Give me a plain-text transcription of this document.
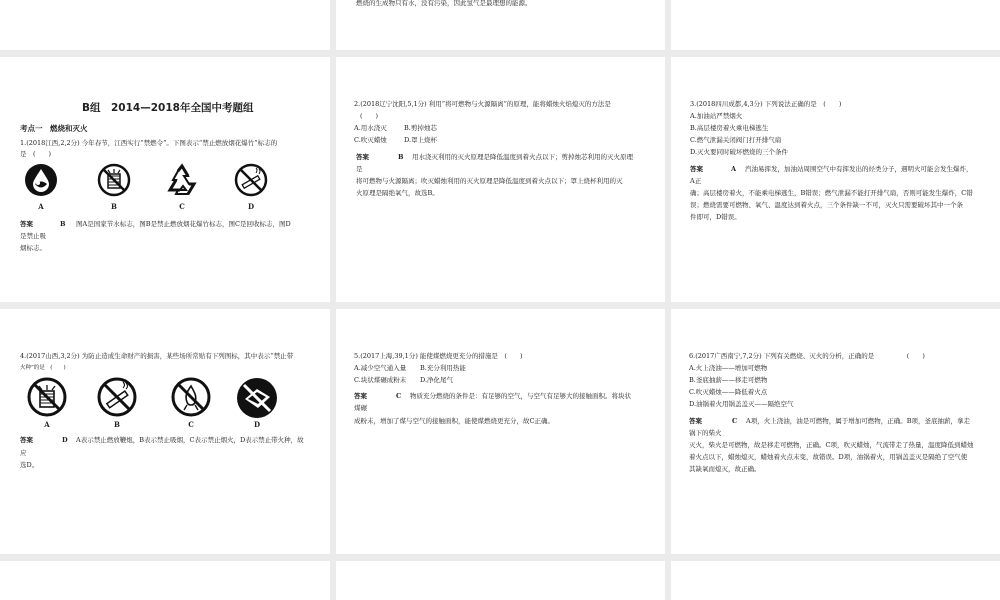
燃烧的生成物只有水，没有污染，因此氢气是最理想的能源。
B组　2014—2018年全国中考题组
考点一　燃烧和灭火
1.(2018江西,2,2分) 今年春节，江西实行“禁燃令”。下图表示“禁止燃放烟花爆竹”标志的
是　(　　)
A	B	C	D
答案	B 图A是国家节水标志，图B是禁止燃放烟花爆竹标志，图C是回收标志，图D
是禁止吸
烟标志。
2.(2018辽宁沈阳,5,1分) 利用“将可燃物与火源隔离”的原理，能将蜡烛火焰熄灭的方法是
(　　)
A.用水浇灭	B.剪掉烛芯
C.吹灭蜡烛	D.罩上烧杯
答案	B 用水浇灭利用的灭火原理是降低温度到着火点以下；剪掉烛芯利用的灭火原理
是
将可燃物与火源隔离；吹灭蜡烛利用的灭火原理是降低温度到着火点以下；罩上烧杯利用的灭
火原理是隔绝氧气，故选B。
3.(2018四川成都,4,3分) 下列说法正确的是　(　　)
A.加油站严禁烟火
B.高层楼房着火乘电梯逃生
C.燃气泄漏关闭阀门打开排气扇
D.灭火要同时破坏燃烧的三个条件
答案	A 汽油易挥发，加油站周围空气中有挥发出的烃类分子，遇明火可能会发生爆炸，
A正
确；高层楼房着火，不能乘电梯逃生，B错误；燃气泄漏不能打开排气扇，否则可能发生爆炸，C错
误；燃烧需要可燃物、氧气、温度达到着火点，三个条件缺一不可，灭火只需要破坏其中一个条
件即可，D错误。
4.(2017山西,3,2分) 为防止造成生命财产的损害，某些场所常贴有下列图标，其中表示“禁止带
火种”的是　(　　)
A	B	C	D
答案	D A表示禁止燃放鞭炮，B表示禁止吸烟，C表示禁止烟火，D表示禁止带火种，故
应
选D。
5.(2017上海,39,1分) 能使煤燃烧更充分的措施是　(　　)
A.减少空气通入量 B.充分利用热能
C.块状煤碾成粉末 D.净化尾气
答案	C 物质充分燃烧的条件是：有足够的空气，与空气有足够大的接触面积。将块状
煤碾
成粉末，增加了煤与空气的接触面积，能使煤燃烧更充分，故C正确。
6.(2017广西南宁,7,2分) 下列有关燃烧、灭火的分析，正确的是　　　　　(　　)
A.火上浇油——增加可燃物
B.釜底抽薪——移走可燃物
C.吹灭蜡烛——降低着火点
D.油锅着火用锅盖盖灭——隔绝空气
答案	C A项，火上浇油，油是可燃物，属于增加可燃物，正确。B项，釜底抽薪，拿走
锅下的柴火
灭火，柴火是可燃物，故是移走可燃物，正确。C项，吹灭蜡烛，气流带走了热量，温度降低到蜡烛
着火点以下，蜡烛熄灭，蜡烛着火点未变，故错误。D项，油锅着火，用锅盖盖灭是隔绝了空气使
其缺氧而熄灭，故正确。
